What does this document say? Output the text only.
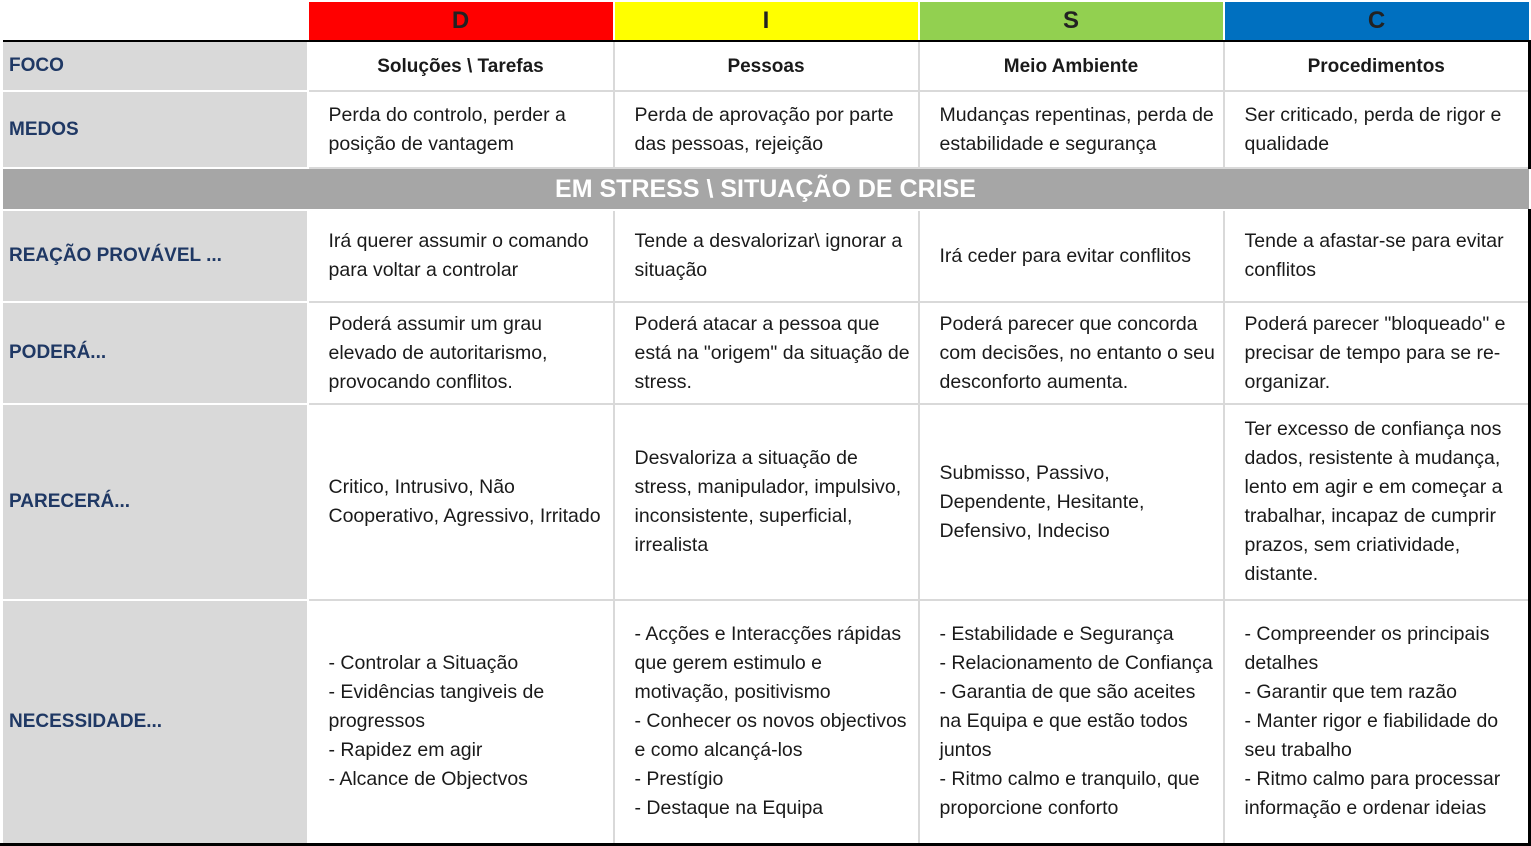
	D	I	S	C
FOCO	Soluções \ Tarefas	Pessoas	Meio Ambiente	Procedimentos
MEDOS	Perda do controlo, perder a posição de vantagem	Perda de aprovação por parte das pessoas, rejeição	Mudanças repentinas, perda de estabilidade e segurança	Ser criticado, perda de rigor e qualidade
EM STRESS \ SITUAÇÃO DE CRISE				
REAÇÃO PROVÁVEL ...	Irá querer assumir o comando para voltar a controlar	Tende a desvalorizar\ ignorar a situação	Irá ceder para evitar conflitos	Tende a afastar-se para evitar conflitos
PODERÁ...	Poderá assumir um grau elevado de autoritarismo, provocando conflitos.	Poderá atacar a pessoa que está na "origem" da situação de stress.	Poderá parecer que concorda com decisões, no entanto o seu desconforto aumenta.	Poderá parecer "bloqueado" e precisar de tempo para se re-organizar.
PARECERÁ...	Critico, Intrusivo, Não Cooperativo, Agressivo, Irritado	Desvaloriza a situação de stress, manipulador, impulsivo, inconsistente, superficial, irrealista	Submisso, Passivo, Dependente, Hesitante, Defensivo, Indeciso	Ter excesso de confiança nos dados, resistente à mudança, lento em agir e em começar a trabalhar, incapaz de cumprir prazos, sem criatividade, distante.
NECESSIDADE...	- Controlar a Situação
- Evidências tangiveis de progressos
- Rapidez em agir
- Alcance de Objectvos	- Acções e Interacções rápidas que gerem estimulo e motivação, positivismo
- Conhecer os novos objectivos e como alcançá-los
- Prestígio
- Destaque na Equipa	- Estabilidade e Segurança
- Relacionamento de Confiança
- Garantia de que são aceites na Equipa e que estão todos juntos
- Ritmo calmo e tranquilo, que proporcione conforto	- Compreender os principais detalhes
- Garantir que tem razão
- Manter rigor e fiabilidade do seu trabalho
- Ritmo calmo para processar informação e ordenar ideias
